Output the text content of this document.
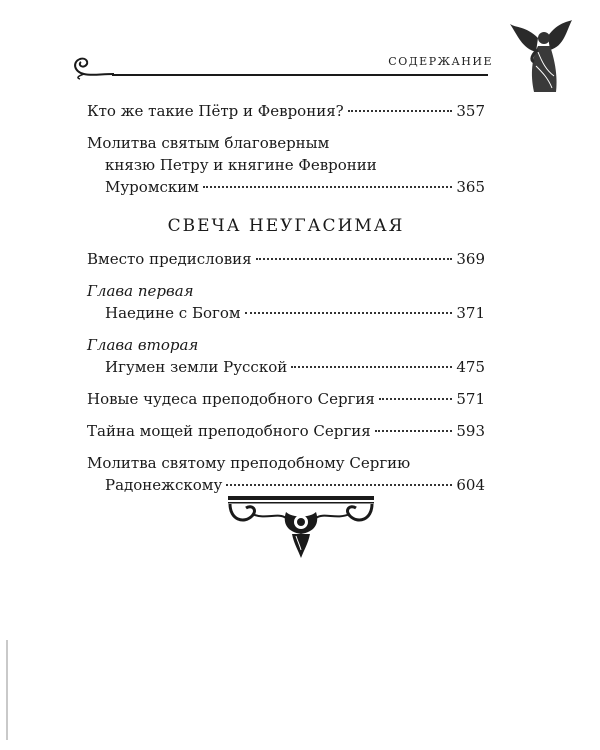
СОДЕРЖАНИЕ
Кто же такие Пётр и Феврония?	357
Молитва святым благоверным
князю Петру и княгине Февронии
Муромским	365
СВЕЧА НЕУГАСИМАЯ
Вместо предисловия	369
Глава первая
Наедине с Богом	371
Глава вторая
Игумен земли Русской	475
Новые чудеса преподобного Сергия	571
Тайна мощей преподобного Сергия	593
Молитва святому преподобному Сергию
Радонежскому	604
